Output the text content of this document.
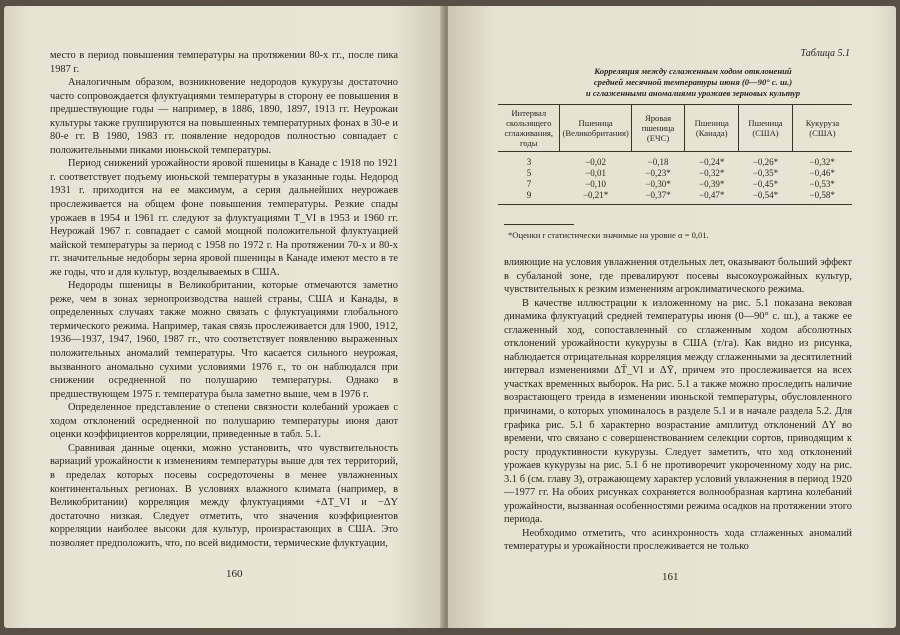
место в период повышения температуры на протяжении 80-х гг., после пика 1987 г.

Аналогичным образом, возникновение недородов кукурузы достаточно часто сопровождается флуктуациями температуры в сторону ее повышения в предшествующие годы — например, в 1886, 1890, 1897, 1913 гг. Неурожаи культуры также группируются на повышенных температурных фонах в 30-е и 80-е гг. В 1980, 1983 гг. появление недородов полностью совпадает с положительными пиками июньской температуры.

Период снижений урожайности яровой пшеницы в Канаде с 1918 по 1921 г. соответствует подъему июньской температуры в указанные годы. Недород 1931 г. приходится на ее максимум, а серия дальнейших неурожаев прослеживается на общем фоне повышения температуры. Резкие спады урожаев в 1954 и 1961 гг. следуют за флуктуациями T_VI в 1953 и 1960 гг. Неурожай 1967 г. совпадает с самой мощной положительной флуктуацией майской температуры за период с 1958 по 1972 г. На протяжении 70-х и 80-х гг. значительные недоборы зерна яровой пшеницы в Канаде имеют место в те же годы, что и для культур, возделываемых в США.

Недороды пшеницы в Великобритании, которые отмечаются заметно реже, чем в зонах зернопроизводства нашей страны, США и Канады, в определенных случаях также можно связать с флуктуациями глобального термического режима. Например, такая связь прослеживается для 1900, 1912, 1936—1937, 1947, 1960, 1987 гг., что соответствует появлению выраженных положительных аномалий температуры. Что касается сильного неурожая, вызванного аномально сухими условиями 1976 г., то он наблюдался при снижении осредненной по полушарию температуры. Однако в предшествующем 1975 г. температура была заметно выше, чем в 1976 г.

Определенное представление о степени связности колебаний урожаев с ходом отклонений осредненной по полушарию температуры июня дают оценки коэффициентов корреляции, приведенные в табл. 5.1.

Сравнивая данные оценки, можно установить, что чувствительность вариаций урожайности к изменениям температуры выше для тех территорий, в пределах которых посевы сосредоточены в менее увлажненных континентальных регионах. В условиях влажного климата (например, в Великобритании) корреляция между флуктуациями +ΔT_VI и −ΔY достаточно низкая. Следует отметить, что значения коэффициентов корреляции наиболее высоки для культур, произрастающих в США. Это позволяет предположить, что, по всей видимости, термические флуктуации,

160
Таблица 5.1
Корреляция между сглаженным ходом отклонений
средней месячной температуры июня (0—90° с. ш.)
и сглаженными аномалиями урожаев зерновых культур
Интервал скользящего сглаживания, годы	Пшеница (Великобритания)	Яровая пшеница (ЕЧС)	Пшеница (Канада)	Пшеница (США)	Кукуруза (США)
3	−0,02	−0,18	−0,24*	−0,26*	−0,32*
5	−0,01	−0,23*	−0,32*	−0,35*	−0,46*
7	−0,10	−0,30*	−0,39*	−0,45*	−0,53*
9	−0,21*	−0,37*	−0,47*	−0,54*	−0,58*
*Оценки r статистически значимые на уровне α = 0,01.

влияющие на условия увлажнения отдельных лет, оказывают больший эффект в субаланой зоне, где превалируют посевы высокоурожайных культур, чувствительных к резким изменениям агроклиматического режима.

В качестве иллюстрации к изложенному на рис. 5.1 показана вековая динамика флуктуаций средней температуры июня (0—90° с. ш.), а также ее сглаженный ход, сопоставленный со сглаженным ходом абсолютных отклонений урожайности кукурузы в США (т/га). Как видно из рисунка, наблюдается отрицательная корреляция между сглаженными за десятилетний интервал изменениями ΔT̄_VI и ΔȲ, причем это прослеживается на всех участках временных выборок. На рис. 5.1 а также можно проследить наличие возрастающего тренда в изменении июньской температуры, обусловленного причинами, о которых упоминалось в разделе 5.1 и в начале раздела 5.2. Для графика рис. 5.1 б характерно возрастание амплитуд отклонений ΔY во времени, что связано с совершенствованием селекции сортов, приводящим к росту продуктивности кукурузы. Следует заметить, что ход отклонений урожаев кукурузы на рис. 5.1 б не противоречит укороченному ходу на рис. 3.1 б (см. главу 3), отражающему характер условий увлажнения в период 1920—1977 гг. На обоих рисунках сохраняется волнообразная картина колебаний урожайности, вызванная особенностями режима осадков на протяжении этого периода.

Необходимо отметить, что асинхронность хода сглаженных аномалий температуры и урожайности прослеживается не только

161
